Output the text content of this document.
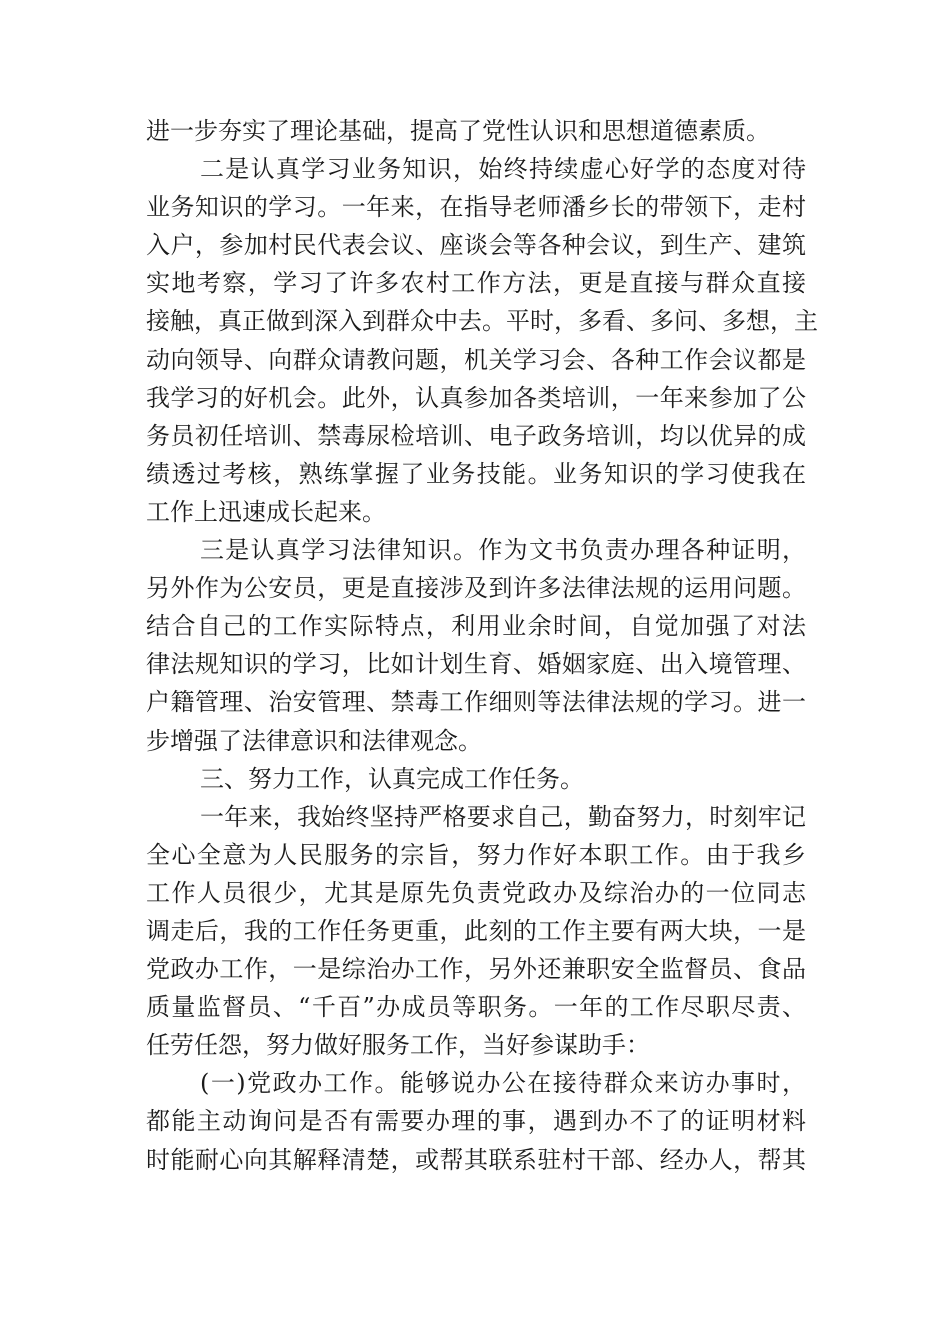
进一步夯实了理论基础，提高了党性认识和思想道德素质。
二是认真学习业务知识，始终持续虚心好学的态度对待
业务知识的学习。一年来，在指导老师潘乡长的带领下，走村
入户，参加村民代表会议、座谈会等各种会议，到生产、建筑
实地考察，学习了许多农村工作方法，更是直接与群众直接
接触，真正做到深入到群众中去。平时，多看、多问、多想，主
动向领导、向群众请教问题，机关学习会、各种工作会议都是
我学习的好机会。此外，认真参加各类培训，一年来参加了公
务员初任培训、禁毒尿检培训、电子政务培训，均以优异的成
绩透过考核，熟练掌握了业务技能。业务知识的学习使我在
工作上迅速成长起来。
三是认真学习法律知识。作为文书负责办理各种证明，
另外作为公安员，更是直接涉及到许多法律法规的运用问题。
结合自己的工作实际特点，利用业余时间，自觉加强了对法
律法规知识的学习，比如计划生育、婚姻家庭、出入境管理、
户籍管理、治安管理、禁毒工作细则等法律法规的学习。进一
步增强了法律意识和法律观念。
三、努力工作，认真完成工作任务。
一年来，我始终坚持严格要求自己，勤奋努力，时刻牢记
全心全意为人民服务的宗旨，努力作好本职工作。由于我乡
工作人员很少，尤其是原先负责党政办及综治办的一位同志
调走后，我的工作任务更重，此刻的工作主要有两大块，一是
党政办工作，一是综治办工作，另外还兼职安全监督员、食品
质量监督员、“千百”办成员等职务。一年的工作尽职尽责、
任劳任怨，努力做好服务工作，当好参谋助手：
(一)党政办工作。能够说办公在接待群众来访办事时，
都能主动询问是否有需要办理的事，遇到办不了的证明材料
时能耐心向其解释清楚，或帮其联系驻村干部、经办人，帮其
